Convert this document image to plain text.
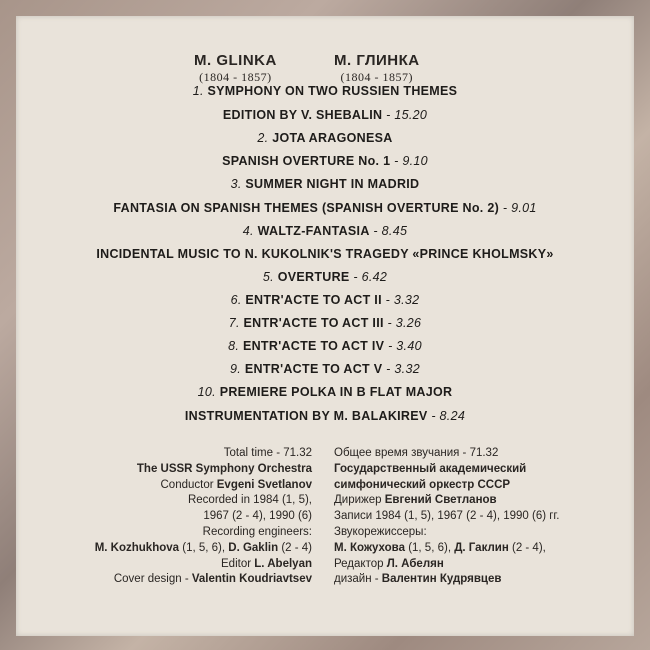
M. GLINKA
(1804 - 1857)
М. ГЛИНКА
(1804 - 1857)
1. SYMPHONY ON TWO RUSSIEN THEMES
EDITION BY V. SHEBALIN - 15.20
2. JOTA ARAGONESA
SPANISH OVERTURE No. 1 - 9.10
3. SUMMER NIGHT IN MADRID
FANTASIA ON SPANISH THEMES (SPANISH OVERTURE No. 2) - 9.01
4. WALTZ-FANTASIA - 8.45
INCIDENTAL MUSIC TO N. KUKOLNIK'S TRAGEDY «PRINCE KHOLMSKY»
5. OVERTURE - 6.42
6. ENTR'ACTE TO ACT II - 3.32
7. ENTR'ACTE TO ACT III - 3.26
8. ENTR'ACTE TO ACT IV - 3.40
9. ENTR'ACTE TO ACT V - 3.32
10. PREMIERE POLKA IN B FLAT MAJOR
INSTRUMENTATION BY M. BALAKIREV - 8.24
Total time - 71.32
The USSR Symphony Orchestra
Conductor Evgeni Svetlanov
Recorded in 1984 (1, 5),
1967 (2 - 4), 1990 (6)
Recording engineers:
M. Kozhukhova (1, 5, 6), D. Gaklin (2 - 4)
Editor L. Abelyan
Cover design - Valentin Koudriavtsev
Общее время звучания - 71.32
Государственный академический
симфонический оркестр СССР
Дирижер Евгений Светланов
Записи 1984 (1, 5), 1967 (2 - 4), 1990 (6) гг.
Звукорежиссеры:
М. Кожухова (1, 5, 6), Д. Гаклин (2 - 4),
Редактор Л. Абелян
дизайн - Валентин Кудрявцев
